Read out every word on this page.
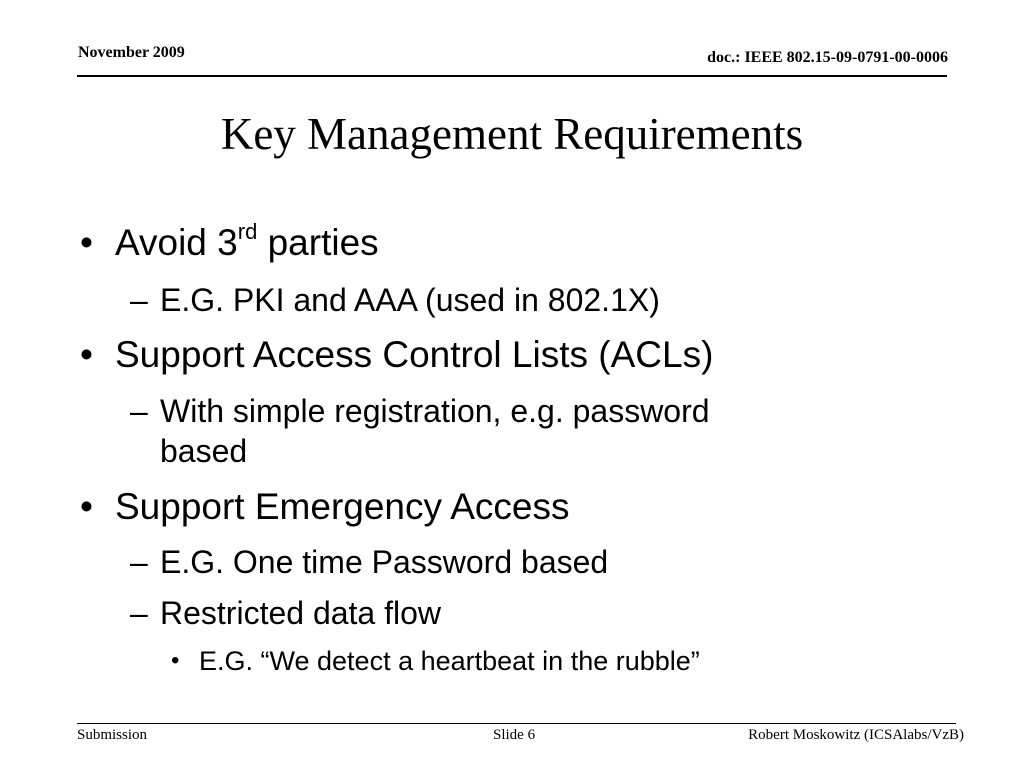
November 2009	doc.: IEEE 802.15-09-0791-00-0006
Key Management Requirements
• Avoid 3rd parties
– E.G. PKI and AAA (used in 802.1X)
• Support Access Control Lists (ACLs)
– With simple registration, e.g. password
based
• Support Emergency Access
– E.G. One time Password based
– Restricted data flow
• E.G. “We detect a heartbeat in the rubble”
Submission	Slide 6	Robert Moskowitz (ICSAlabs/VzB)
